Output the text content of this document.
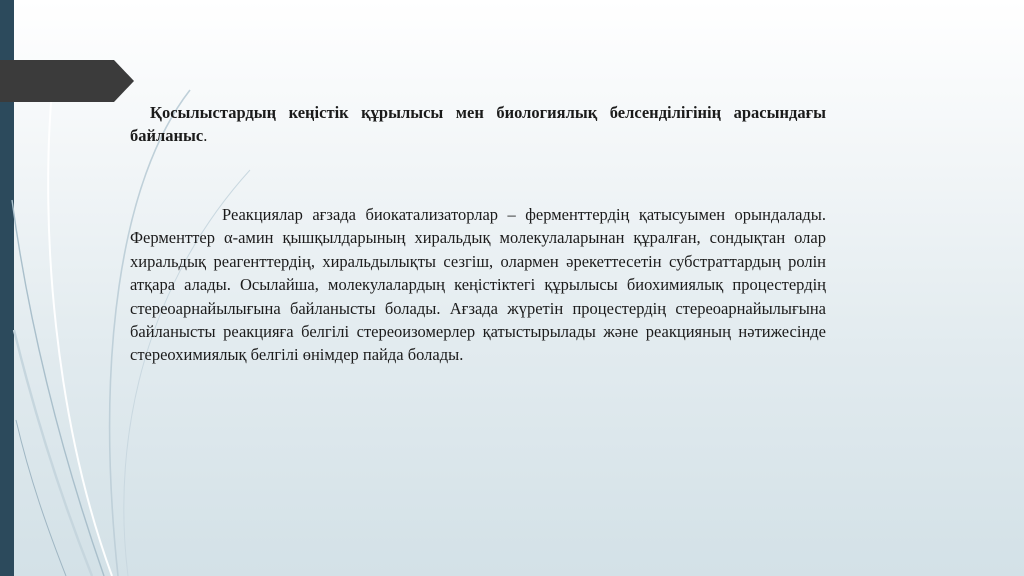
Қосылыстардың кеңістік құрылысы мен биологиялық белсенділігінің арасындағы байланыс.

Реакциялар ағзада биокатализаторлар – ферменттердің қатысуымен орындалады. Ферменттер α-амин қышқылдарының хиральдық молекулаларынан құралған, сондықтан олар хиральдық реагенттердің, хиральдылықты сезгіш, олармен әрекеттесетін субстраттардың ролін атқара алады. Осылайша, молекулалардың кеңістіктегі құрылысы биохимиялық процестердің стереоарнайылығына байланысты болады. Ағзада жүретін процестердің стереоарнайылығына байланысты реакцияға белгілі стереоизомерлер қатыстырылады және реакцияның нәтижесінде стереохимиялық белгілі өнімдер пайда болады.
